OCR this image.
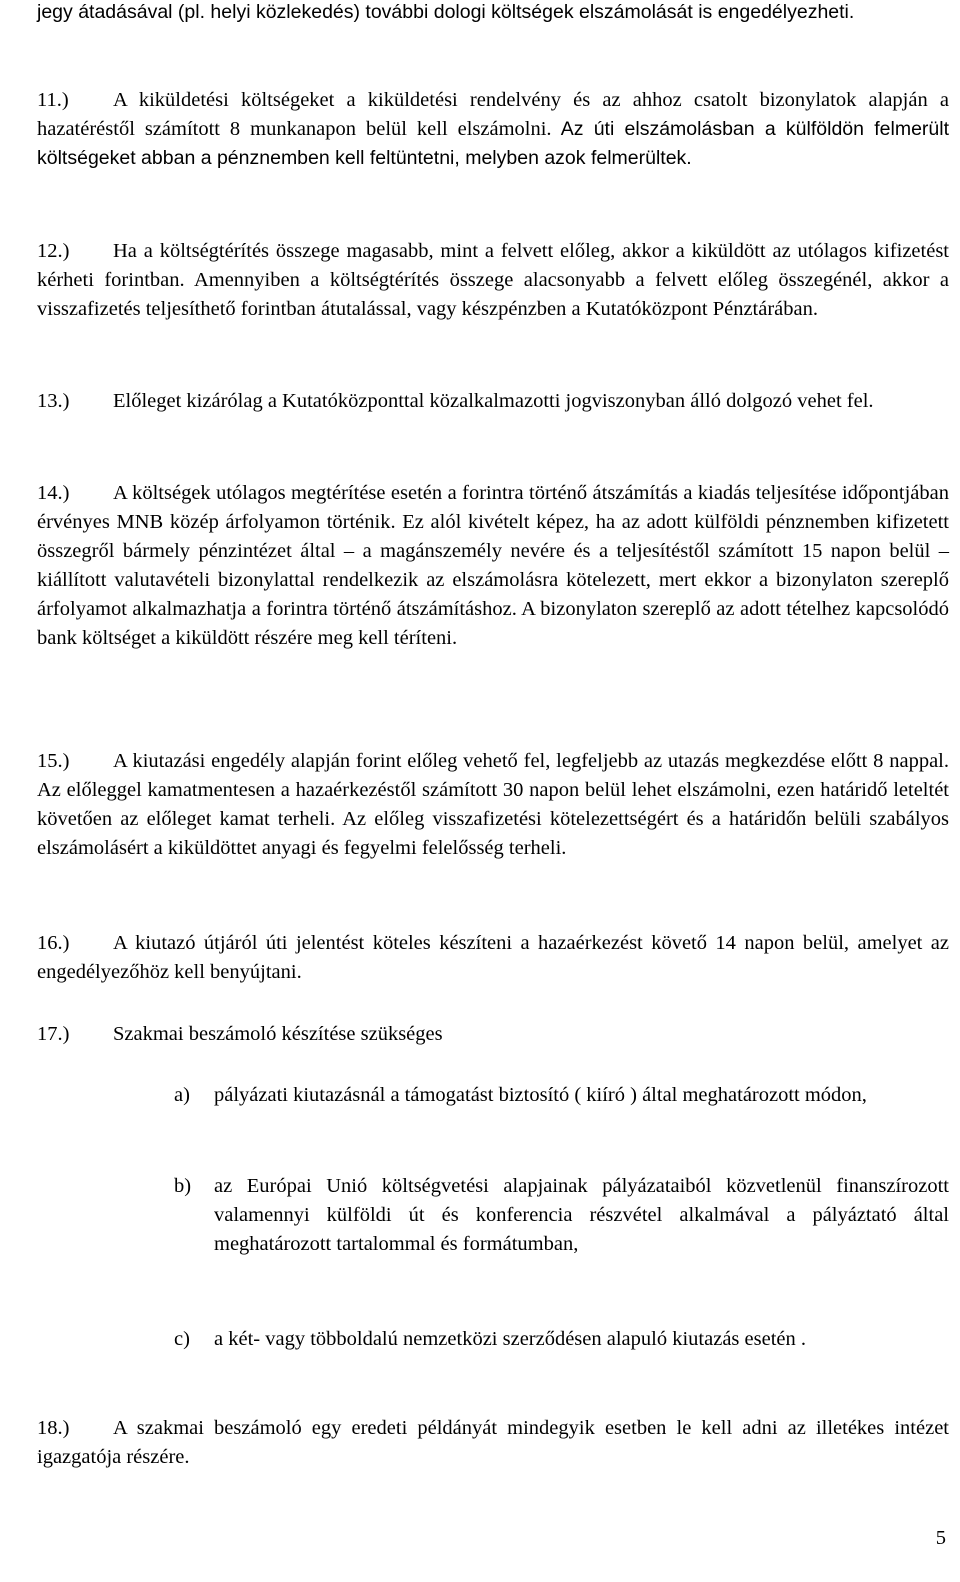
jegy átadásával (pl. helyi közlekedés) további dologi költségek elszámolását is engedélyezheti.

11.) A kiküldetési költségeket a kiküldetési rendelvény és az ahhoz csatolt bizonylatok alapján a hazatéréstől számított 8 munkanapon belül kell elszámolni. Az úti elszámolásban a külföldön felmerült költségeket abban a pénznemben kell feltüntetni, melyben azok felmerültek.

12.) Ha a költségtérítés összege magasabb, mint a felvett előleg, akkor a kiküldött az utólagos kifizetést kérheti forintban. Amennyiben a költségtérítés összege alacsonyabb a felvett előleg összegénél, akkor a visszafizetés teljesíthető forintban átutalással, vagy készpénzben a Kutatóközpont Pénztárában.

13.) Előleget kizárólag a Kutatóközponttal közalkalmazotti jogviszonyban álló dolgozó vehet fel.

14.) A költségek utólagos megtérítése esetén a forintra történő átszámítás a kiadás teljesítése időpontjában érvényes MNB közép árfolyamon történik. Ez alól kivételt képez, ha az adott külföldi pénznemben kifizetett összegről bármely pénzintézet által – a magánszemély nevére és a teljesítéstől számított 15 napon belül – kiállított valutavételi bizonylattal rendelkezik az elszámolásra kötelezett, mert ekkor a bizonylaton szereplő árfolyamot alkalmazhatja a forintra történő átszámításhoz. A bizonylaton szereplő az adott tételhez kapcsolódó bank költséget a kiküldött részére meg kell téríteni.

15.) A kiutazási engedély alapján forint előleg vehető fel, legfeljebb az utazás megkezdése előtt 8 nappal. Az előleggel kamatmentesen a hazaérkezéstől számított 30 napon belül lehet elszámolni, ezen határidő leteltét követően az előleget kamat terheli. Az előleg visszafizetési kötelezettségért és a határidőn belüli szabályos elszámolásért a kiküldöttet anyagi és fegyelmi felelősség terheli.

16.) A kiutazó útjáról úti jelentést köteles készíteni a hazaérkezést követő 14 napon belül, amelyet az engedélyezőhöz kell benyújtani.

17.) Szakmai beszámoló készítése szükséges

a) pályázati kiutazásnál a támogatást biztosító ( kiíró ) által meghatározott módon,
b) az Európai Unió költségvetési alapjainak pályázataiból közvetlenül finanszírozott valamennyi külföldi út és konferencia részvétel alkalmával a pályáztató által meghatározott tartalommal és formátumban,
c) a két- vagy többoldalú nemzetközi szerződésen alapuló kiutazás esetén .

18.) A szakmai beszámoló egy eredeti példányát mindegyik esetben le kell adni az illetékes intézet igazgatója részére.

5
